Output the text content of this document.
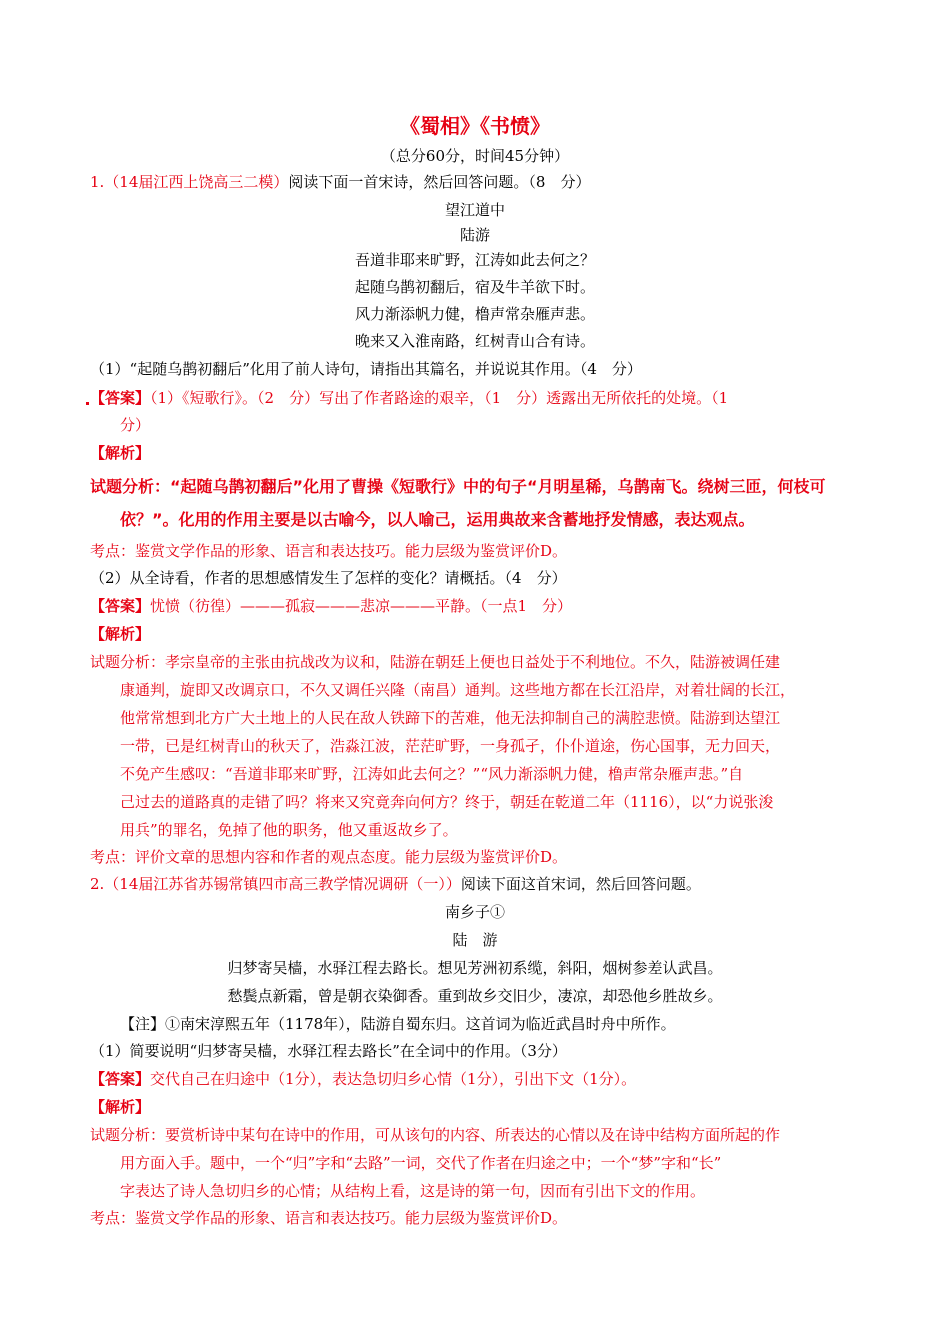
《蜀相》《书愤》
（总分60分，时间45分钟）
1.（14届江西上饶高三二模）阅读下面一首宋诗，然后回答问题。（8　分）
望江道中
陆游
吾道非耶来旷野，江涛如此去何之？
起随乌鹊初翻后，宿及牛羊欲下时。
风力渐添帆力健，橹声常杂雁声悲。
晚来又入淮南路，红树青山合有诗。
（1）“起随乌鹊初翻后”化用了前人诗句，请指出其篇名，并说说其作用。（4　分）
【答案】（1）《短歌行》。（2　分）写出了作者路途的艰辛，（1　分）透露出无所依托的处境。（1
分）
【解析】
试题分析：“起随乌鹊初翻后”化用了曹操《短歌行》中的句子“月明星稀，乌鹊南飞。绕树三匝，何枝可
依？”。化用的作用主要是以古喻今，以人喻己，运用典故来含蓄地抒发情感，表达观点。
考点：鉴赏文学作品的形象、语言和表达技巧。能力层级为鉴赏评价D。
（2）从全诗看，作者的思想感情发生了怎样的变化？请概括。（4　分）
【答案】忧愤（彷徨）———孤寂———悲凉———平静。（一点1　分）
【解析】
试题分析：孝宗皇帝的主张由抗战改为议和，陆游在朝廷上便也日益处于不利地位。不久，陆游被调任建
康通判，旋即又改调京口，不久又调任兴隆（南昌）通判。这些地方都在长江沿岸，对着壮阔的长江，
他常常想到北方广大土地上的人民在敌人铁蹄下的苦难，他无法抑制自己的满腔悲愤。陆游到达望江
一带，已是红树青山的秋天了，浩淼江波，茫茫旷野，一身孤孑，仆仆道途，伤心国事，无力回天，
不免产生感叹：“吾道非耶来旷野，江涛如此去何之？”“风力渐添帆力健，橹声常杂雁声悲。”自
己过去的道路真的走错了吗？将来又究竟奔向何方？终于，朝廷在乾道二年（1116），以“力说张浚
用兵”的罪名，免掉了他的职务，他又重返故乡了。
考点：评价文章的思想内容和作者的观点态度。能力层级为鉴赏评价D。
2.（14届江苏省苏锡常镇四市高三教学情况调研（一））阅读下面这首宋词，然后回答问题。
南乡子①
陆　游
归梦寄吴樯，水驿江程去路长。想见芳洲初系缆，斜阳，烟树参差认武昌。
愁鬓点新霜，曾是朝衣染御香。重到故乡交旧少，凄凉，却恐他乡胜故乡。
【注】①南宋淳熙五年（1178年），陆游自蜀东归。这首词为临近武昌时舟中所作。
（1）简要说明“归梦寄吴樯，水驿江程去路长”在全词中的作用。（3分）
【答案】交代自己在归途中（1分），表达急切归乡心情（1分），引出下文（1分）。
【解析】
试题分析：要赏析诗中某句在诗中的作用，可从该句的内容、所表达的心情以及在诗中结构方面所起的作
用方面入手。题中，一个“归”字和“去路”一词，交代了作者在归途之中；一个“梦”字和“长”
字表达了诗人急切归乡的心情；从结构上看，这是诗的第一句，因而有引出下文的作用。
考点：鉴赏文学作品的形象、语言和表达技巧。能力层级为鉴赏评价D。
